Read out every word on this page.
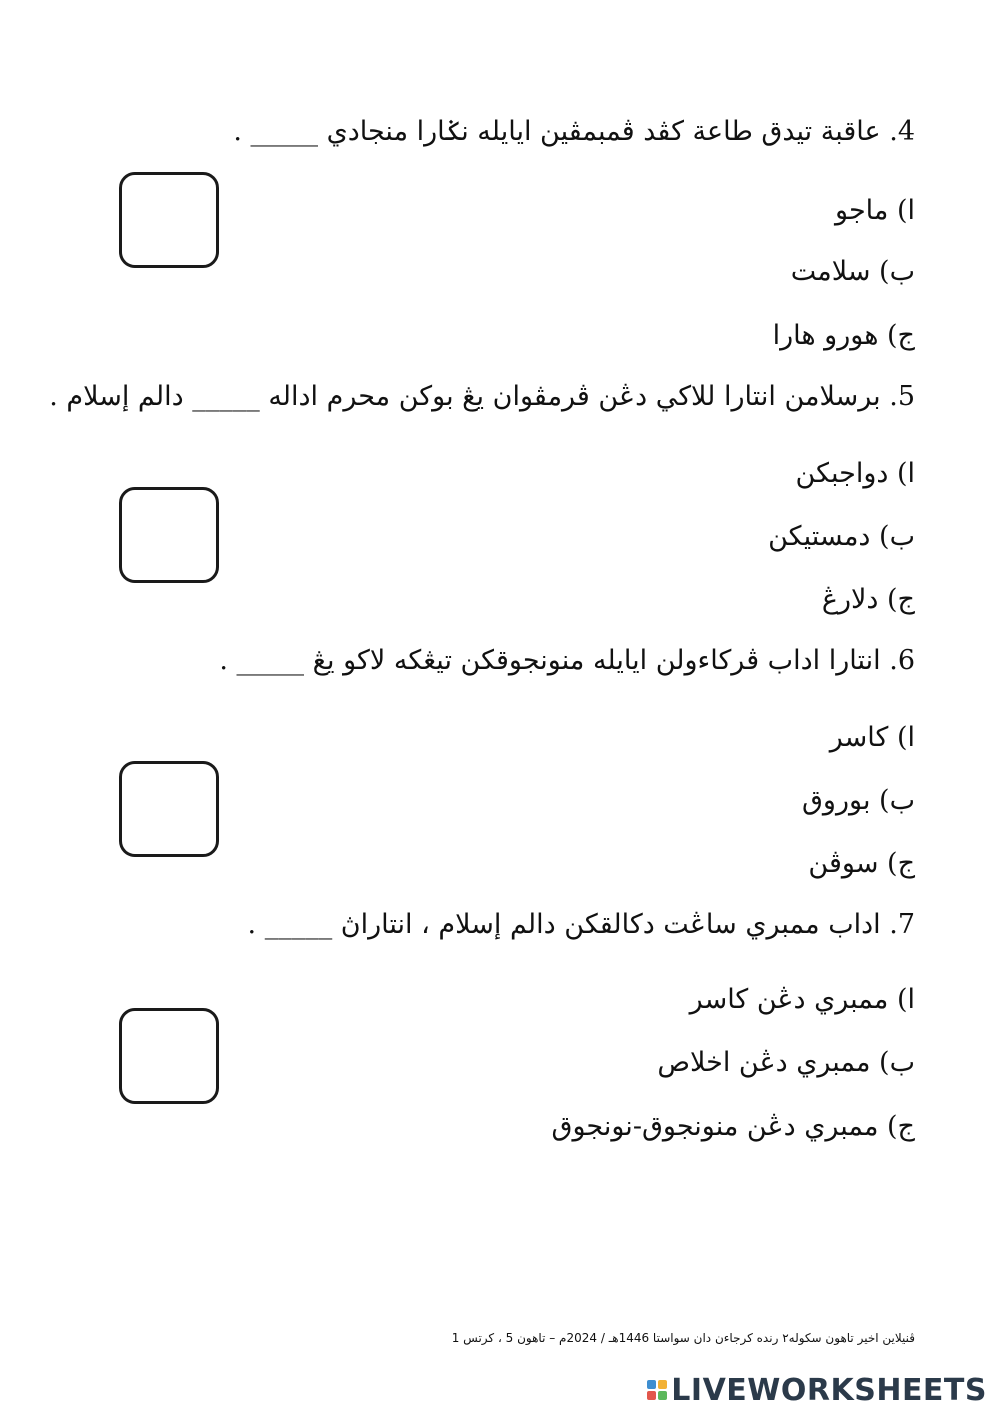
4. عاقبة تيدق طاعة كڤد ڤمبمڤين ايايله نݢارا منجادي _____ .
ا) ماجو
ب) سلامت
ج) هورو هارا
5. برسلامن انتارا للاكي دڠن ڤرمڤوان يڠ بوکن محرم اداله _____ دالم إسلام .
ا) دواجبکن
ب) دمستيکن
ج) دلارڠ
6. انتارا اداب ڤرکاءولن ايايله منونجوقکن تيڠکه لاکو يڠ _____ .
ا) کاسر
ب) بوروق
ج) سوڤن
7. اداب ممبري ساڠت دکالقکن دالم إسلام ، انتاراڽ _____ .
ا) ممبري دڠن کاسر
ب) ممبري دڠن اخلاص
ج) ممبري دڠن منونجوق-نونجوق
ڤنيلاين اخير تاهون سکوله٢ رنده کرجاءن دان سواستا 1446هـ / 2024م – تاهون 5 ، کرتس 1
LIVEWORKSHEETS
